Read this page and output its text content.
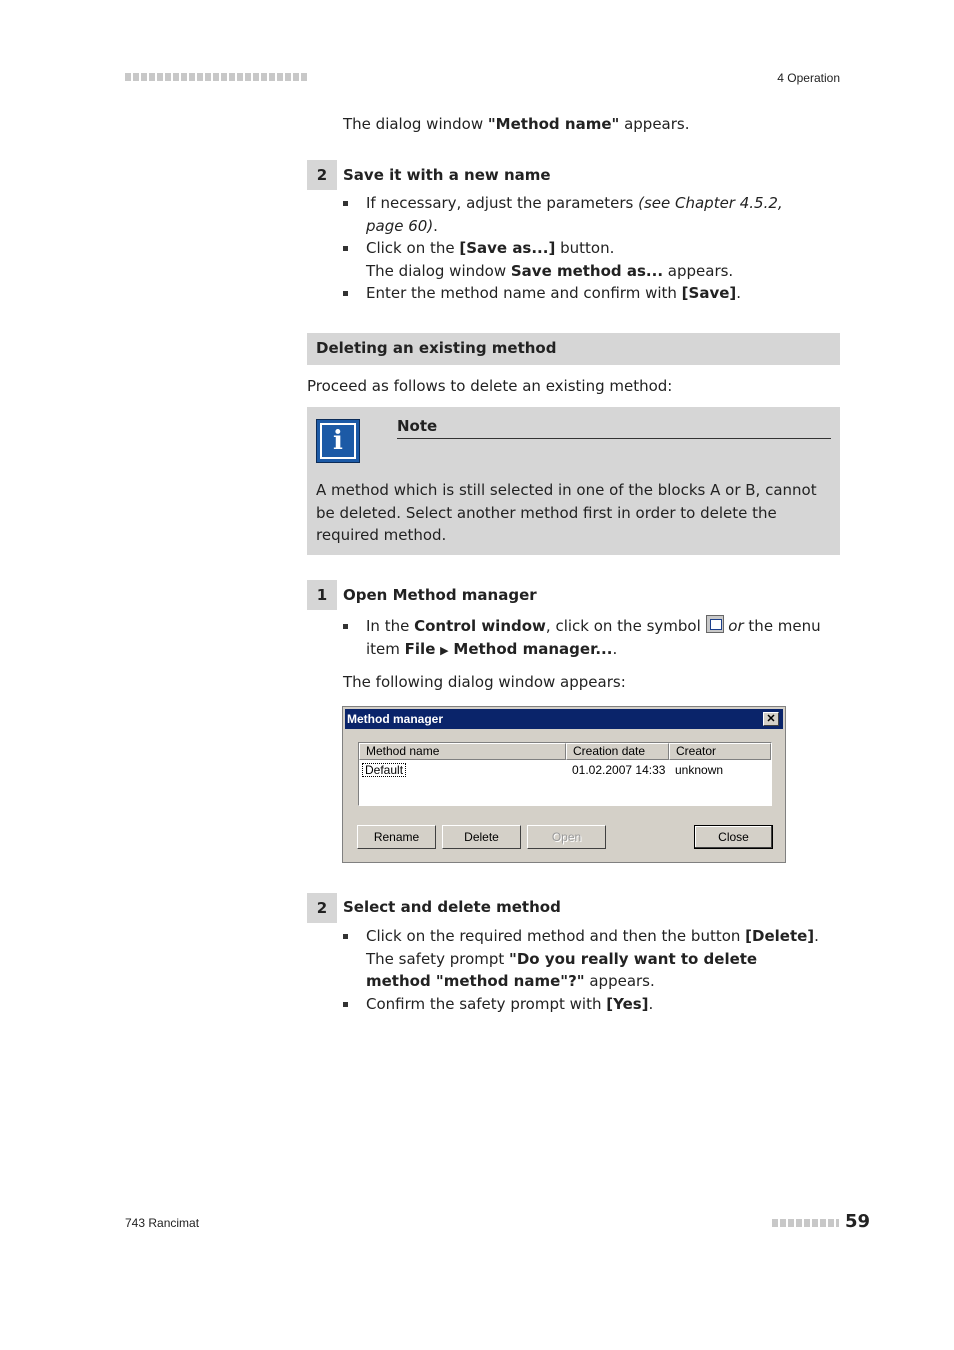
4 Operation
The dialog window "Method name" appears.
2	Save it with a new name
If necessary, adjust the parameters (see Chapter 4.5.2, page 60).
Click on the [Save as...] button.
The dialog window Save method as... appears.
Enter the method name and confirm with [Save].
Deleting an existing method
Proceed as follows to delete an existing method:
i	Note
A method which is still selected in one of the blocks A or B, cannot be deleted. Select another method first in order to delete the required method.
1	Open Method manager
In the Control window, click on the symbol  or the menu item File ▶ Method manager....
The following dialog window appears:
Method manager	✕
Method name	Creation date	Creator
Default	01.02.2007 14:33 unknown
Rename	Delete	Open	Close
2	Select and delete method
Click on the required method and then the button [Delete].
The safety prompt "Do you really want to delete method "method name"?" appears.
Confirm the safety prompt with [Yes].
743 Rancimat	59
